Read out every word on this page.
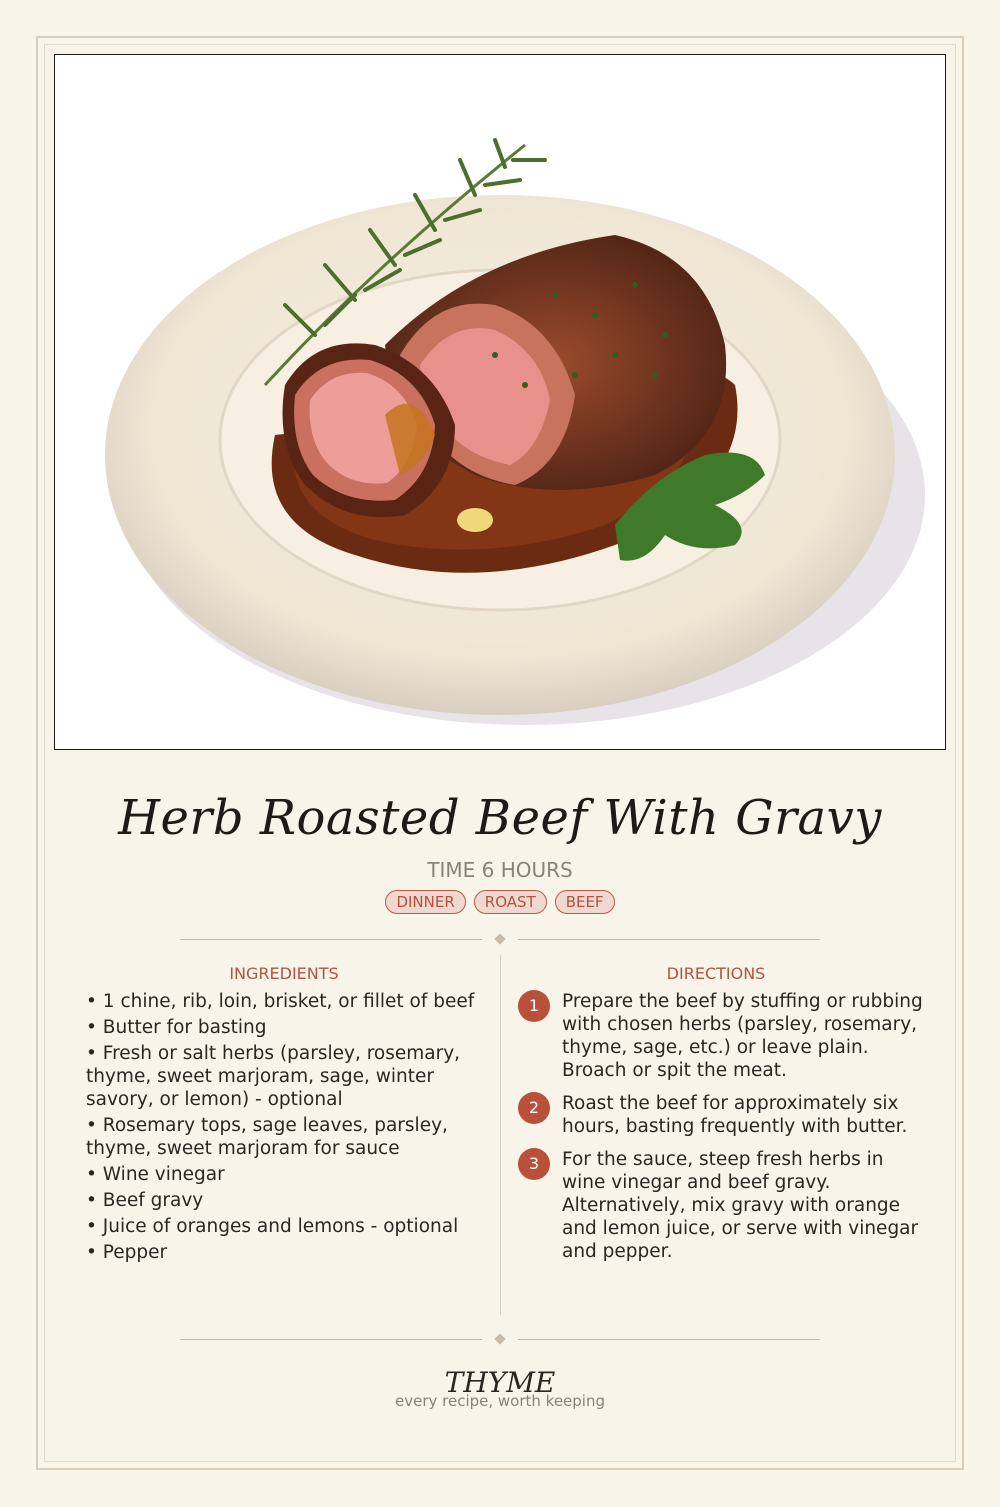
Herb Roasted Beef With Gravy
TIME 6 HOURS
DINNER	ROAST	BEEF
INGREDIENTS	DIRECTIONS
• 1 chine, rib, loin, brisket, or fillet of beef
• Butter for basting
• Fresh or salt herbs (parsley, rosemary, thyme, sweet marjoram, sage, winter savory, or lemon) - optional
• Rosemary tops, sage leaves, parsley, thyme, sweet marjoram for sauce
• Wine vinegar
• Beef gravy
• Juice of oranges and lemons - optional
• Pepper
1	Prepare the beef by stuffing or rubbing with chosen herbs (parsley, rosemary, thyme, sage, etc.) or leave plain. Broach or spit the meat.
2	Roast the beef for approximately six hours, basting frequently with butter.
3	For the sauce, steep fresh herbs in wine vinegar and beef gravy. Alternatively, mix gravy with orange and lemon juice, or serve with vinegar and pepper.
THYME
every recipe, worth keeping
